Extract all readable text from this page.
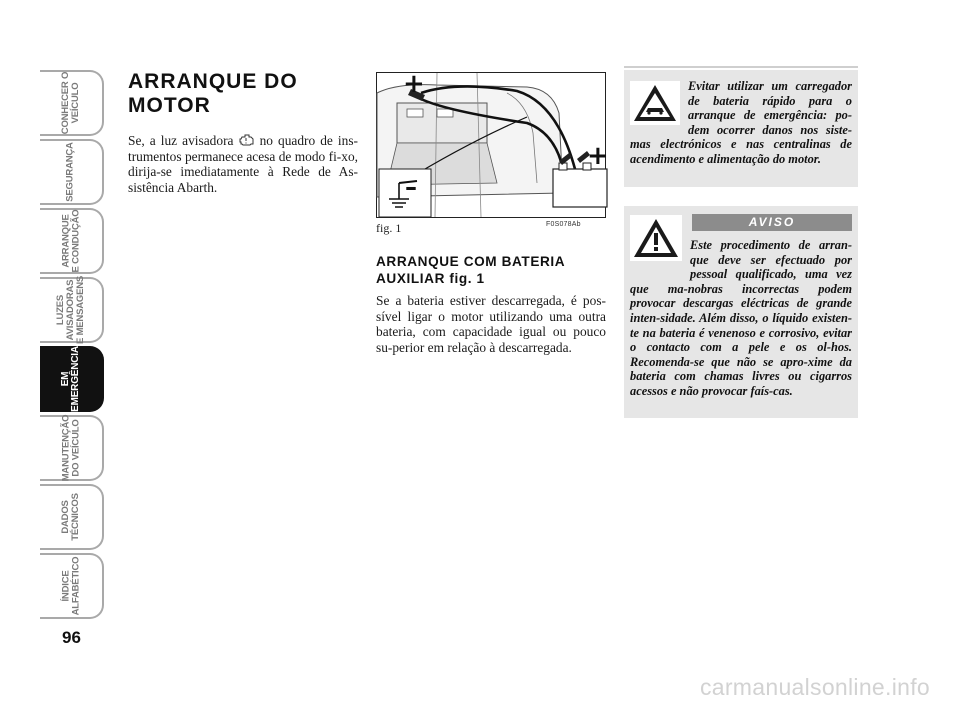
CONHECER O
VEÍCULO
SEGURANÇA
ARRANQUE
E CONDUÇÃO
LUZES
AVISADORAS
E MENSAGENS
EM
EMERGÊNCIA
MANUTENÇÃO
DO VEÍCULO
DADOS
TÉCNICOS
ÍNDICE
ALFABÉTICO
96
ARRANQUE DO MOTOR

Se, a luz avisadora no quadro de ins-trumentos permanece acesa de modo fi-xo, dirija-se imediatamente à Rede de As-sistência Abarth.

+
+
–
fig. 1	F0S078Ab
ARRANQUE COM BATERIA AUXILIAR fig. 1

Se a bateria estiver descarregada, é pos-sível ligar o motor utilizando uma outra bateria, com capacidade igual ou pouco su-perior em relação à descarregada.

Evitar utilizar um carregador de bateria rápido para o arranque de emergência: po-dem ocorrer danos nos siste-mas electrónicos e nas centralinas de acendimento e alimentação do motor.

AVISO

Este procedimento de arran-que deve ser efectuado por pessoal qualificado, uma vez que ma-nobras incorrectas podem provocar descargas eléctricas de grande inten-sidade. Além disso, o líquido existen-te na bateria é venenoso e corrosivo, evitar o contacto com a pele e os ol-hos. Recomenda-se que não se apro-xime da bateria com chamas livres ou cigarros acessos e não provocar faís-cas.

carmanualsonline.info
